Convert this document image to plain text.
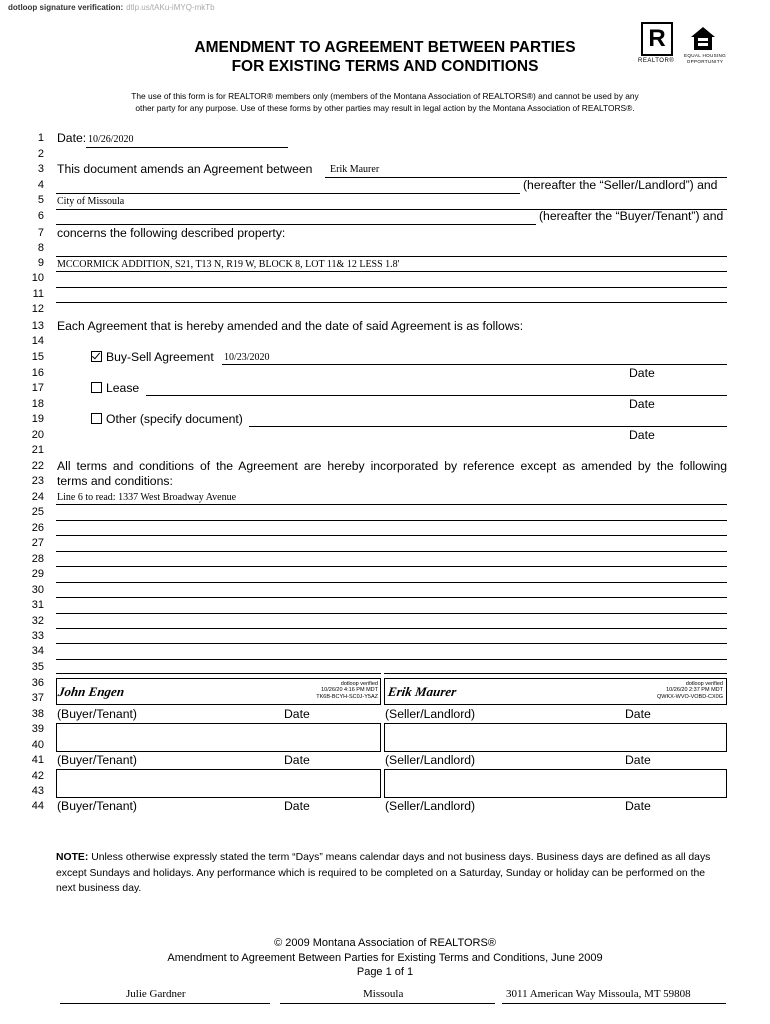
dotloop signature verification: dtlp.us/tAKu-iMYQ-mkTb
AMENDMENT TO AGREEMENT BETWEEN PARTIES
FOR EXISTING TERMS AND CONDITIONS
R
REALTOR®
EQUAL HOUSING
OPPORTUNITY
The use of this form is for REALTOR® members only (members of the Montana Association of REALTORS®) and cannot be used by any
other party for any purpose. Use of these forms by other parties may result in legal action by the Montana Association of REALTORS®.
1
2
3
4
5
6
7
8
9
10
11
12
13
14
15
16
17
18
19
20
21
22
23
24
25
26
27
28
29
30
31
32
33
34
35
36
37
38
39
40
41
42
43
44
Date: 10/26/2020
This document amends an Agreement between Erik Maurer
(hereafter the “Seller/Landlord”) and
City of Missoula
(hereafter the “Buyer/Tenant”) and
concerns the following described property:
MCCORMICK ADDITION, S21, T13 N, R19 W, BLOCK 8, LOT 11& 12 LESS 1.8'
Each Agreement that is hereby amended and the date of said Agreement is as follows:
Buy-Sell Agreement 10/23/2020
Date
Lease
Date
Other (specify document)
Date
All terms and conditions of the Agreement are hereby incorporated by reference except as amended by the following
terms and conditions:
Line 6 to read: 1337 West Broadway Avenue
John Engen	dotloop verified
10/26/20 4:16 PM MDT
TK6B-BCYH-SC0J-Y5AZ Erik Maurer	dotloop verified
10/26/20 2:37 PM MDT
QWKX-WVO-VOBD-CX0G
(Buyer/Tenant)	Date	(Seller/Landlord)	Date
(Buyer/Tenant)	Date	(Seller/Landlord)	Date
(Buyer/Tenant)	Date	(Seller/Landlord)	Date
NOTE: Unless otherwise expressly stated the term “Days” means calendar days and not business days. Business days are defined as all days except Sundays and holidays. Any performance which is required to be completed on a Saturday, Sunday or holiday can be performed on the next business day.
© 2009 Montana Association of REALTORS®
Amendment to Agreement Between Parties for Existing Terms and Conditions, June 2009
Page 1 of 1
Julie Gardner	Missoula	3011 American Way Missoula, MT 59808
